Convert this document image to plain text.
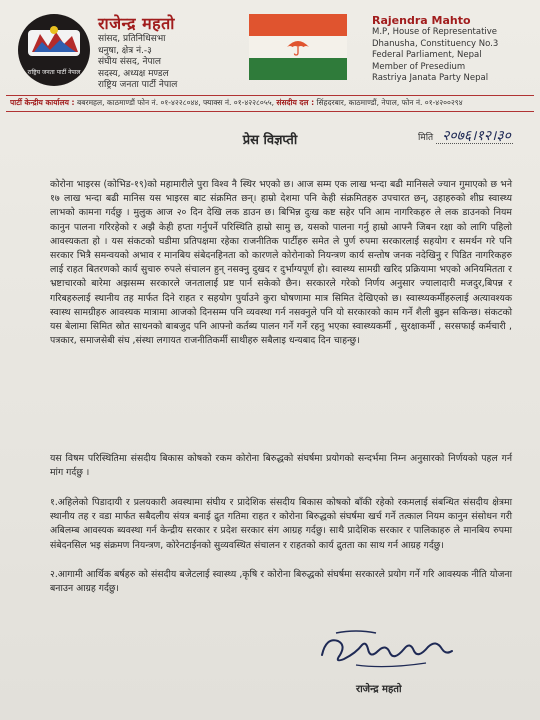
राष्ट्रिय जनता पार्टी नेपाल
राजेन्द्र महतो
सांसद, प्रतिनिधिसभा
धनुषा, क्षेत्र नं.-३
संघीय संसद, नेपाल
सदस्य, अध्यक्ष मण्डल
राष्ट्रिय जनता पार्टी नेपाल
Rajendra Mahto
M.P, House of Representative
Dhanusha, Constituency No.3
Federal Parliament, Nepal
Member of Presedium
Rastriya Janata Party Nepal
पार्टी केन्द्रीय कार्यालय : बबरमहल, काठमाण्डौं फोन नं. ०१-४२२८०४४, फ्याक्स नं. ०१-४२२८०५५, संसदीय दल : सिंहदरबार, काठमाण्डौं, नेपाल, फोन नं. ०१-४२००२९४
मिति २०७६।१२।३०
प्रेस विज्ञप्ती
कोरोना भाइरस (कोभिड-१९)को महामारीले पुरा विश्व नै स्थिर भएको छ। आज सम्म एक लाख भन्दा बढी मानिसले ज्यान गुमाएको छ भने १७ लाख भन्दा बढी मानिस यस भाइरस बाट संक्रमित छन्। हाम्रो देशमा पनि केही संक्रमितहरु उपचारत छन्, उहाहरुको शीघ्र स्वास्थ्य लाभको कामना गर्दछु । मुलुक आज २० दिन देखि लक डाउन छ। बिभिन्न दुःख कष्ट सहेर पनि आम नागरिकहरु ले लक डाउनको नियम कानुन पालना गरिरहेको र अझै केही हप्ता गर्नुपर्ने परिस्थिति हाम्रो सामु छ, यसको पालना गर्नु हाम्रो आफ्नै जिबन रक्षा को लागि पहिलो आवस्यकता हो । यस संकटको घडीमा प्रतिपक्षमा रहेका राजनीतिक पार्टीहरु समेत ले पुर्ण रुपमा सरकारलाई सहयोग र समर्थन गरे पनि सरकार भित्रै समन्वयको अभाव र मानबिय संबेदनहिनता को कारणले कोरोनाको नियन्त्रण कार्य सन्तोष जनक नदेखिनु र पिडित नागरिकहरु लाई राहत बितरणको कार्य सुचारु रुपले संचालन हुन् नसक्नु दुखद र दुर्भाग्यपूर्ण हो। स्वास्थ्य सामग्री खरिद प्रक्रियामा भएको अनियमितता र भ्रष्टाचारको बारेमा अझसम्म सरकारले जनतालाई प्रष्ट पार्न सकेको छैन। सरकारले गरेको निर्णय अनुसार ज्यालादारी मजदुर,बिपन्न र गरिबहरुलाई स्थानीय तह मार्फत दिने राहत र सहयोग पुर्याउने कुरा घोषणामा मात्र सिमित देखिएको छ। स्वास्थ्यकर्मीहरुलाई अत्यावश्यक स्वास्थ सामग्रीहरु आवस्यक मात्रामा आजको दिनसम्म पनि व्यवस्था गर्न नसक्नुले पनि यो सरकारको काम गर्ने शैली बुझ्न सकिन्छ। संकटको यस बेलामा सिमित स्रोत साधनको बाबजुद पनि आफ्नो कर्तब्य पालन गर्ने गर्ने रहनु भएका स्वास्थ्यकर्मी , सुरक्षाकर्मी , सरसफाई कर्मचारी , पत्रकार, समाजसेबी संघ ,संस्था लगायत राजनीतिकर्मी साथीहरु सबैलाइ धन्यबाद दिन चाहन्छु।
यस विषम परिस्थितिमा संसदीय बिकास कोषको रकम कोरोना बिरुद्धको संघर्षमा प्रयोगको सन्दर्भमा निम्न अनुसारको निर्णयको पहल गर्न मांग गर्दछु ।
१.अहिलेको पिडादायी र प्रलयकारी अवस्थामा संघीय र प्रादेशिक संसदीय बिकास कोषको बाँकी रहेको रकमलाई संबन्धित संसदीय क्षेत्रमा स्थानीय तह र वडा मार्फत सबैदलीय संयत्र बनाई द्रुत गतिमा राहत र कोरोना बिरुद्धको संघर्षमा खर्च गर्ने तत्काल नियम कानुन संसोधन गरी अबिलम्ब आवस्यक ब्यवस्था गर्न केन्द्रीय सरकार र प्रदेश सरकार संग आग्रह गर्दछु। साथै प्रादेशिक सरकार र पालिकाहरु ले मानबिय रुपमा संबेदनसिल भइ संक्रमण नियन्त्रण, कोरेनटाईनको सुव्यवस्थित संचालन र राहतको कार्य द्रुतता का साथ गर्न आग्रह गर्दछु।
२.आगामी आर्थिक बर्षहरु को संसदीय बजेटलाई स्वास्थ्य ,कृषि र कोरोना बिरुद्धको संघर्षमा सरकारले प्रयोग गर्ने गरि आवस्यक नीति योजना बनाउन आग्रह गर्दछु।
राजेन्द्र महतो
